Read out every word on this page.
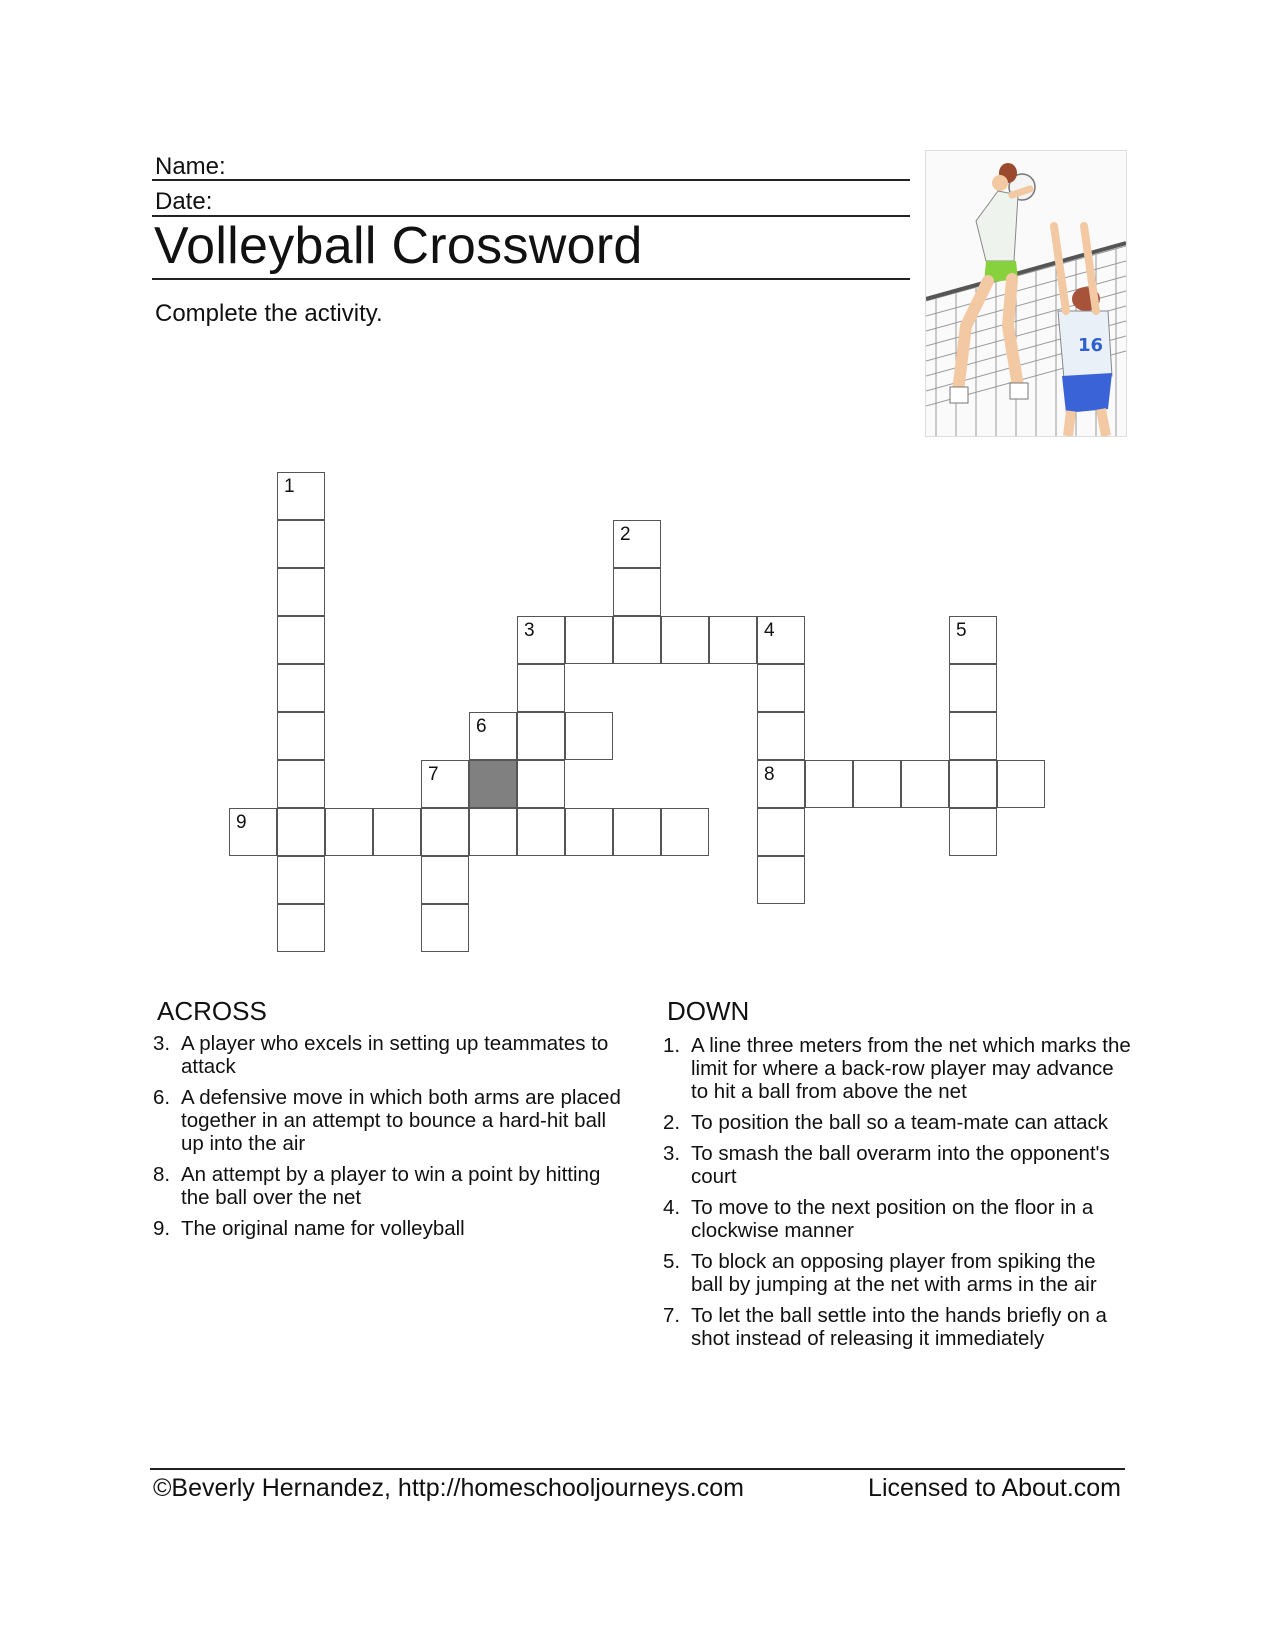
Name:
Date:
Volleyball Crossword
Complete the activity.
16
1
2
3	4	5
6
7	8
9
ACROSS
3. A player who excels in setting up teammates to attack
6. A defensive move in which both arms are placed together in an attempt to bounce a hard-hit ball up into the air
8. An attempt by a player to win a point by hitting the ball over the net
9. The original name for volleyball
DOWN
1. A line three meters from the net which marks the limit for where a back-row player may advance to hit a ball from above the net
2. To position the ball so a team-mate can attack
3. To smash the ball overarm into the opponent's court
4. To move to the next position on the floor in a clockwise manner
5. To block an opposing player from spiking the ball by jumping at the net with arms in the air
7. To let the ball settle into the hands briefly on a shot instead of releasing it immediately
©Beverly Hernandez, http://homeschooljourneys.com	Licensed to About.com
